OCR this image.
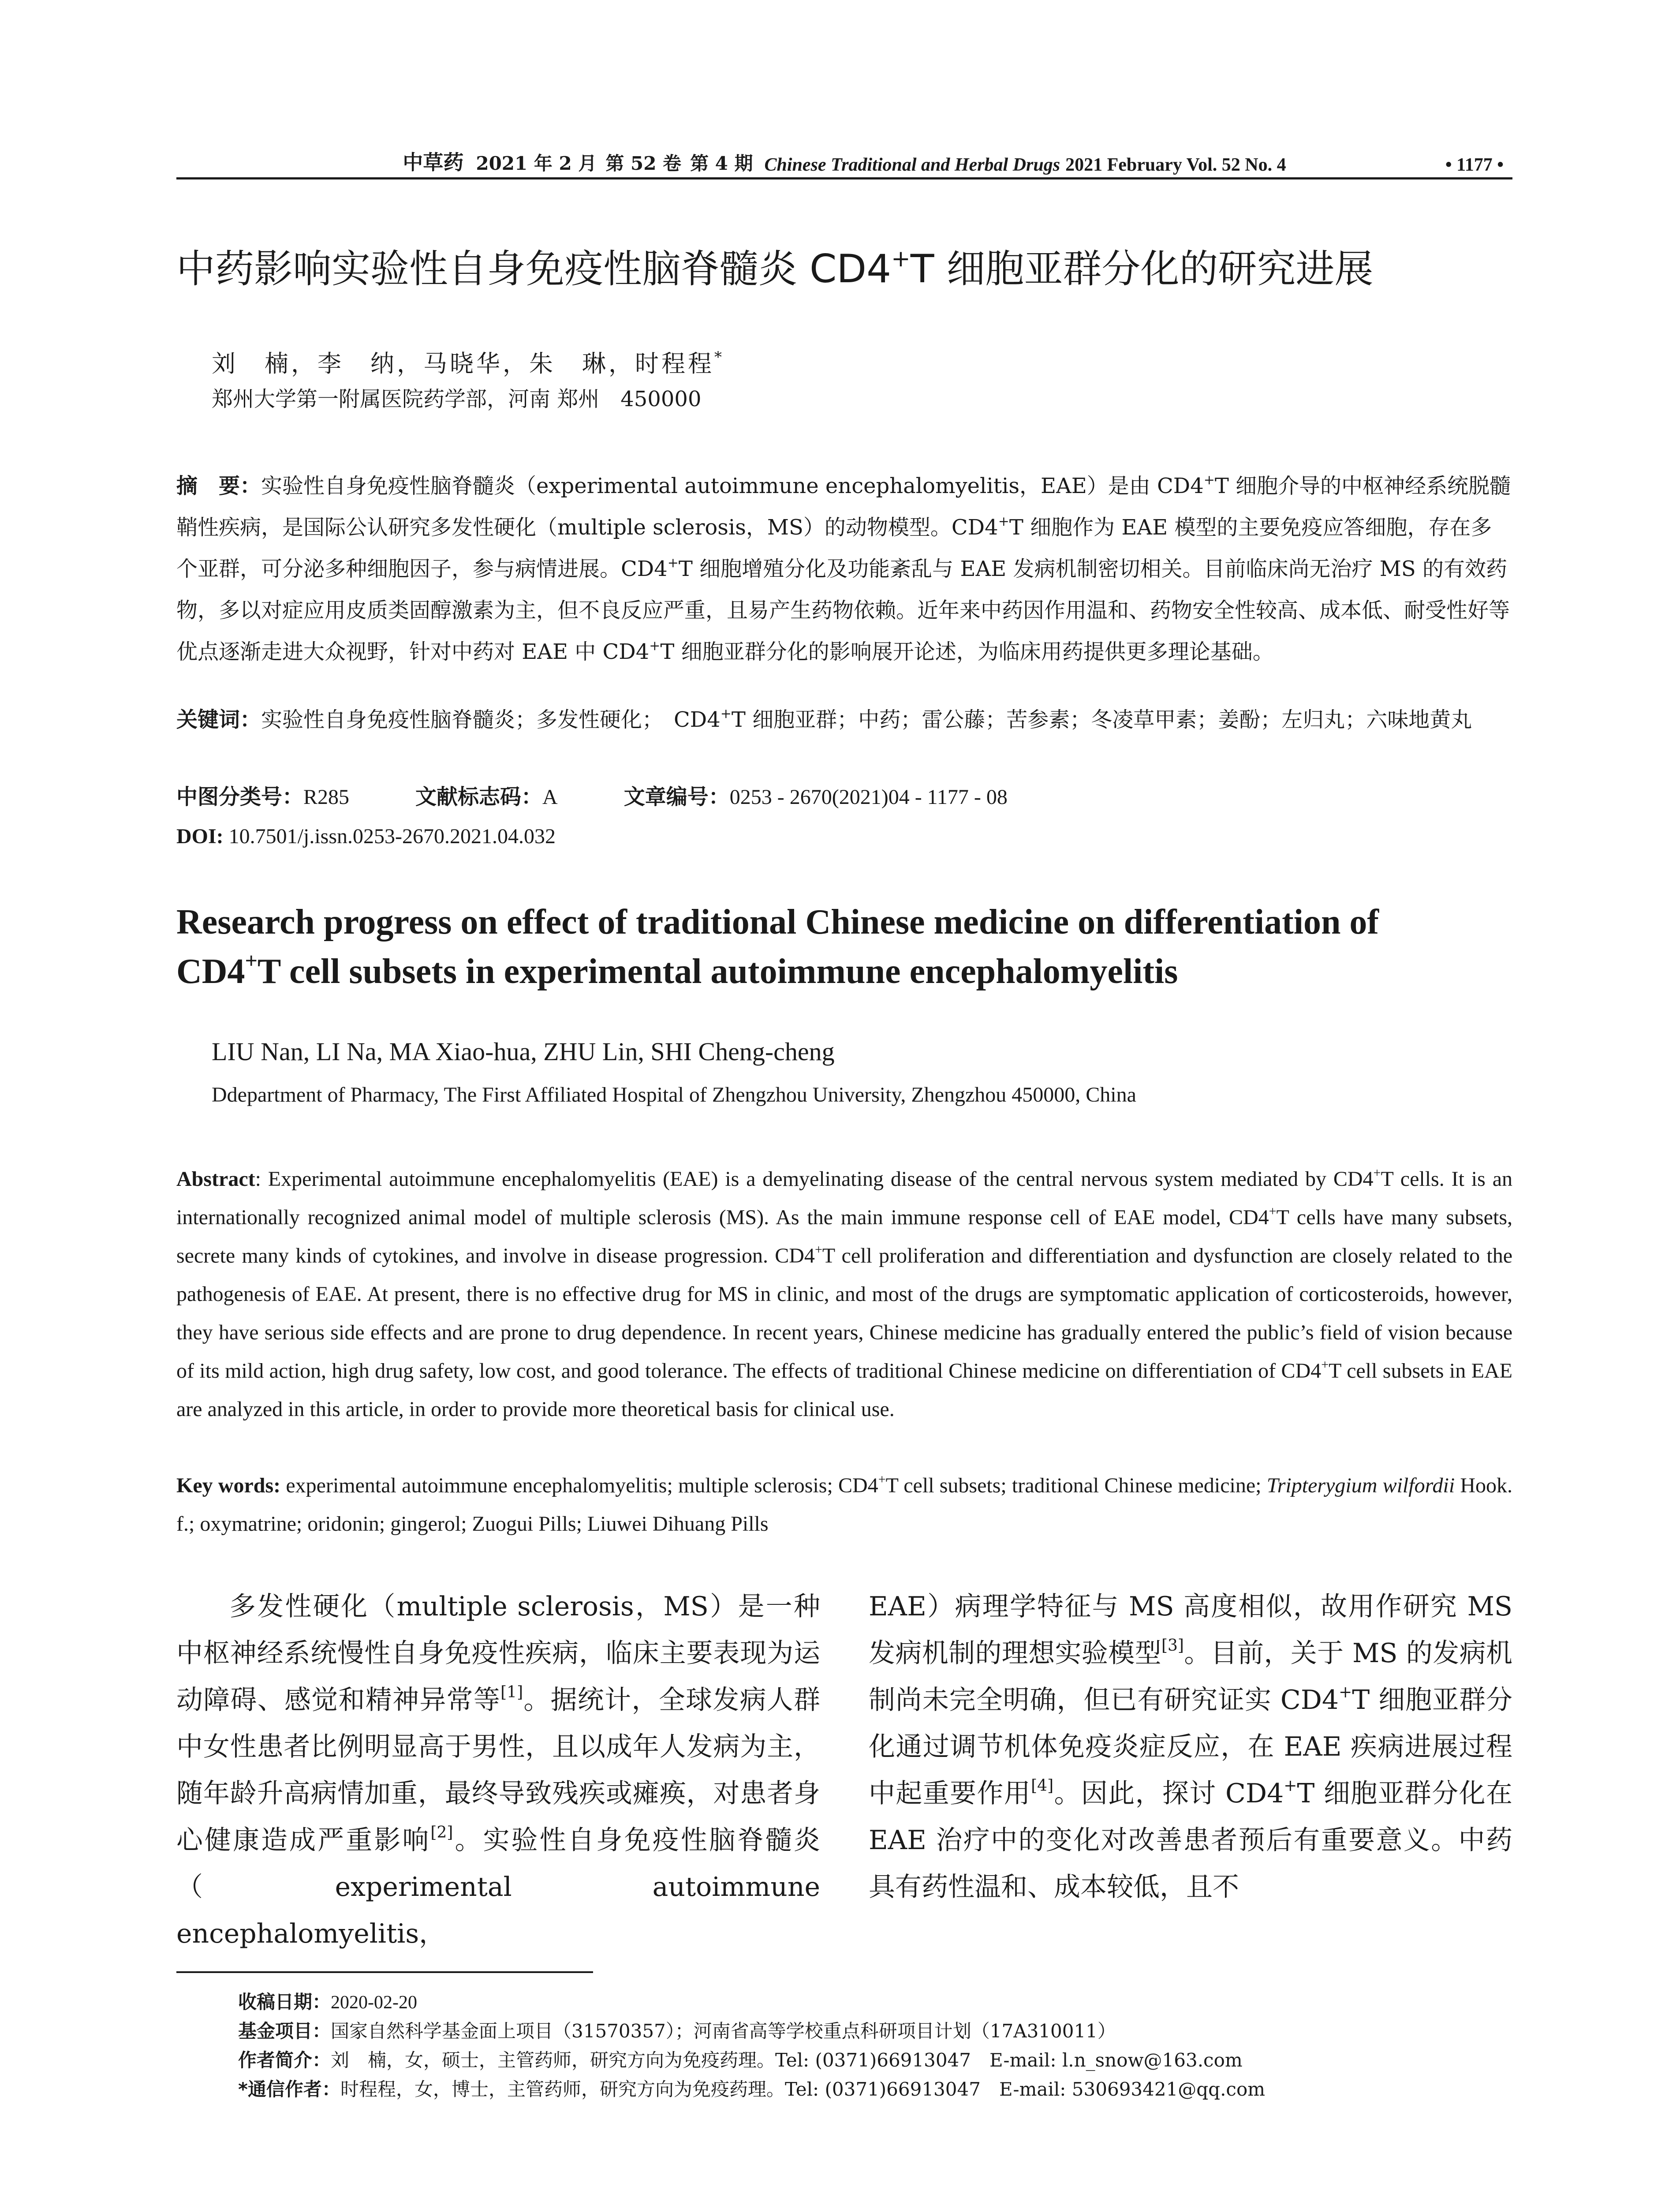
中草药 2021 年 2 月 第 52 卷 第 4 期 Chinese Traditional and Herbal Drugs 2021 February Vol. 52 No. 4	• 1177 •
中药影响实验性自身免疫性脑脊髓炎 CD4+T 细胞亚群分化的研究进展
刘　楠，李　纳，马晓华，朱　琳，时程程*
郑州大学第一附属医院药学部，河南 郑州　450000
摘　要：实验性自身免疫性脑脊髓炎（experimental autoimmune encephalomyelitis，EAE）是由 CD4+T 细胞介导的中枢神经系统脱髓鞘性疾病，是国际公认研究多发性硬化（multiple sclerosis，MS）的动物模型。CD4+T 细胞作为 EAE 模型的主要免疫应答细胞，存在多个亚群，可分泌多种细胞因子，参与病情进展。CD4+T 细胞增殖分化及功能紊乱与 EAE 发病机制密切相关。目前临床尚无治疗 MS 的有效药物，多以对症应用皮质类固醇激素为主，但不良反应严重，且易产生药物依赖。近年来中药因作用温和、药物安全性较高、成本低、耐受性好等优点逐渐走进大众视野，针对中药对 EAE 中 CD4+T 细胞亚群分化的影响展开论述，为临床用药提供更多理论基础。
关键词：实验性自身免疫性脑脊髓炎；多发性硬化；　CD4+T 细胞亚群；中药；雷公藤；苦参素；冬凌草甲素；姜酚；左归丸；六味地黄丸
中图分类号：R285	文献标志码：A	文章编号：0253 - 2670(2021)04 - 1177 - 08
DOI: 10.7501/j.issn.0253-2670.2021.04.032
Research progress on effect of traditional Chinese medicine on differentiation of
CD4+T cell subsets in experimental autoimmune encephalomyelitis
LIU Nan, LI Na, MA Xiao-hua, ZHU Lin, SHI Cheng-cheng
Ddepartment of Pharmacy, The First Affiliated Hospital of Zhengzhou University, Zhengzhou 450000, China
Abstract: Experimental autoimmune encephalomyelitis (EAE) is a demyelinating disease of the central nervous system mediated by CD4+T cells. It is an internationally recognized animal model of multiple sclerosis (MS). As the main immune response cell of EAE model, CD4+T cells have many subsets, secrete many kinds of cytokines, and involve in disease progression. CD4+T cell proliferation and differentiation and dysfunction are closely related to the pathogenesis of EAE. At present, there is no effective drug for MS in clinic, and most of the drugs are symptomatic application of corticosteroids, however, they have serious side effects and are prone to drug dependence. In recent years, Chinese medicine has gradually entered the public’s field of vision because of its mild action, high drug safety, low cost, and good tolerance. The effects of traditional Chinese medicine on differentiation of CD4+T cell subsets in EAE are analyzed in this article, in order to provide more theoretical basis for clinical use.
Key words: experimental autoimmune encephalomyelitis; multiple sclerosis; CD4+T cell subsets; traditional Chinese medicine; Tripterygium wilfordii Hook. f.; oxymatrine; oridonin; gingerol; Zuogui Pills; Liuwei Dihuang Pills
多发性硬化（multiple sclerosis，MS）是一种中枢神经系统慢性自身免疫性疾病，临床主要表现为运动障碍、感觉和精神异常等[1]。据统计，全球发病人群中女性患者比例明显高于男性，且以成年人发病为主，随年龄升高病情加重，最终导致残疾或瘫痪，对患者身心健康造成严重影响[2]。实验性自身免疫性脑脊髓炎（experimental autoimmune encephalomyelitis，
EAE）病理学特征与 MS 高度相似，故用作研究 MS 发病机制的理想实验模型[3]。目前，关于 MS 的发病机制尚未完全明确，但已有研究证实 CD4+T 细胞亚群分化通过调节机体免疫炎症反应，在 EAE 疾病进展过程中起重要作用[4]。因此，探讨 CD4+T 细胞亚群分化在 EAE 治疗中的变化对改善患者预后有重要意义。中药具有药性温和、成本较低，且不
收稿日期：2020-02-20
基金项目：国家自然科学基金面上项目（31570357）；河南省高等学校重点科研项目计划（17A310011）
作者简介：刘　楠，女，硕士，主管药师，研究方向为免疫药理。Tel: (0371)66913047　E-mail: l.n_snow@163.com
*通信作者：时程程，女，博士，主管药师，研究方向为免疫药理。Tel: (0371)66913047　E-mail: 530693421@qq.com
